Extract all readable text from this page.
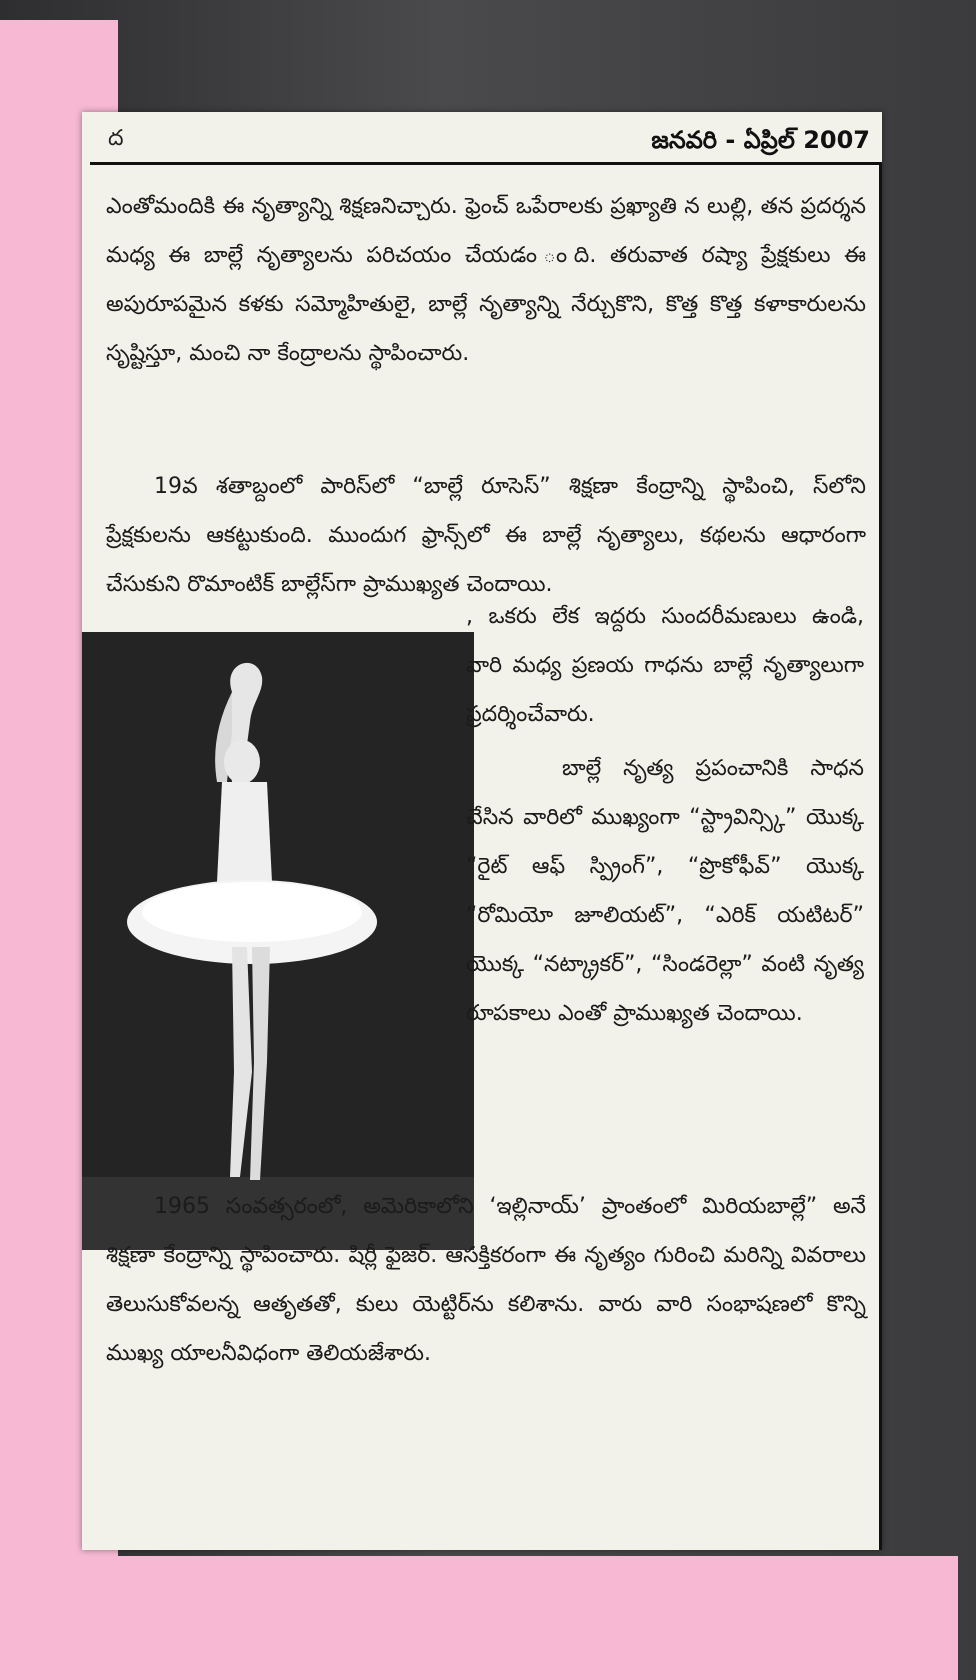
ద	జనవరి - ఏప్రిల్ 2007

ఎంతోమందికి ఈ నృత్యాన్ని శిక్షణనిచ్చారు. ఫ్రెంచ్ ఒపేరాలకు ప్రఖ్యాతి న లుల్లి, తన ప్రదర్శన మధ్య ఈ బాల్లే నృత్యాలను పరిచయం చేయడం ంది. తరువాత రష్యా ప్రేక్షకులు ఈ అపురూపమైన కళకు సమ్మోహితులై, బాల్లే నృత్యాన్ని నేర్చుకొని, కొత్త కొత్త కళాకారులను సృష్టిస్తూ, మంచి నా కేంద్రాలను స్థాపించారు.

19వ శతాబ్దంలో పారిస్‌లో “బాల్లే రూసెస్” శిక్షణా కేంద్రాన్ని స్థాపించి, స్‌లోని ప్రేక్షకులను ఆకట్టుకుంది. ముందుగ ఫ్రాన్స్‌లో ఈ బాల్లే నృత్యాలు, కథలను ఆధారంగా చేసుకుని రొమాంటిక్ బాల్లేస్‌గా ప్రాముఖ్యత చెందాయి.

, ఒకరు లేక ఇద్దరు సుందరీమణులు ఉండి, వారి మధ్య ప్రణయ గాధను బాల్లే నృత్యాలుగా ప్రదర్శించేవారు.

బాల్లే నృత్య ప్రపంచానికి సాధన చేసిన వారిలో ముఖ్యంగా “స్ట్రావిన్స్కి” యొక్క “రైట్ ఆఫ్ స్ప్రింగ్”, “ప్రొకోఫీవ్” యొక్క “రోమియో జూలియట్”, “ఎరిక్ యటిటర్” యొక్క “నట్క్రాకర్”, “సిండరెల్లా” వంటి నృత్య రూపకాలు ఎంతో ప్రాముఖ్యత చెందాయి.

1965 సంవత్సరంలో, అమెరికాలోని ‘ఇల్లినాయ్’ ప్రాంతంలో మిరియబాల్లే” అనే శిక్షణా కేంద్రాన్ని స్థాపించారు. షిర్లీ ఫైజర్. ఆసక్తికరంగా ఈ నృత్యం గురించి మరిన్ని వివరాలు తెలుసుకోవలన్న ఆతృతతో, కులు యెట్టిర్‌ను కలిశాను. వారు వారి సంభాషణలో కొన్ని ముఖ్య యాలనీవిధంగా తెలియజేశారు.
